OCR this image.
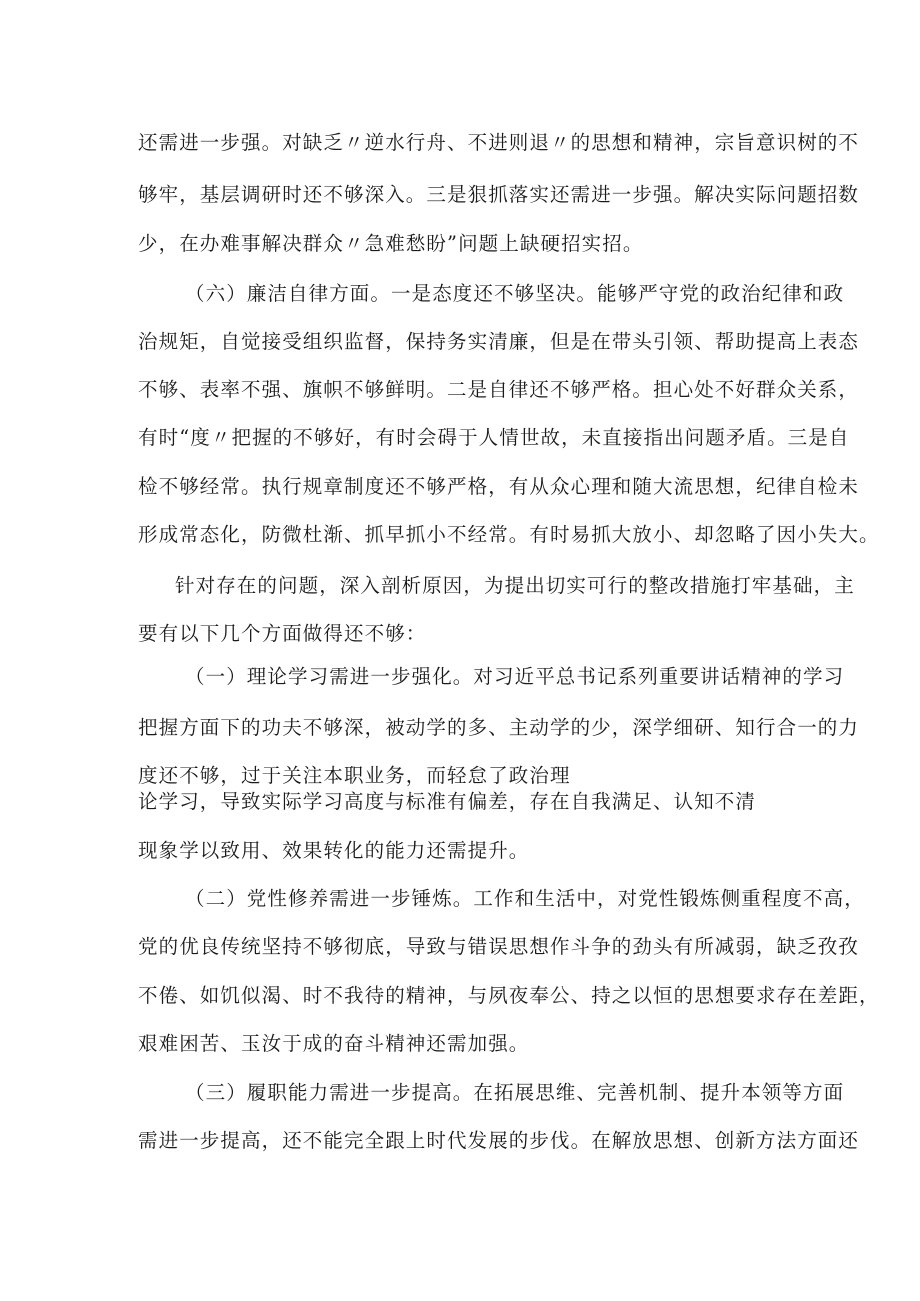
还需进一步强。对缺乏〃逆水行舟、不进则退〃的思想和精神，宗旨意识树的不
够牢，基层调研时还不够深入。三是狠抓落实还需进一步强。解决实际问题招数
少，在办难事解决群众〃急难愁盼”问题上缺硬招实招。
（六）廉洁自律方面。一是态度还不够坚决。能够严守党的政治纪律和政
治规矩，自觉接受组织监督，保持务实清廉，但是在带头引领、帮助提高上表态
不够、表率不强、旗帜不够鲜明。二是自律还不够严格。担心处不好群众关系，
有时“度〃把握的不够好，有时会碍于人情世故，未直接指出问题矛盾。三是自
检不够经常。执行规章制度还不够严格，有从众心理和随大流思想，纪律自检未
形成常态化，防微杜渐、抓早抓小不经常。有时易抓大放小、却忽略了因小失大。
针对存在的问题，深入剖析原因，为提出切实可行的整改措施打牢基础，主
要有以下几个方面做得还不够：
（一）理论学习需进一步强化。对习近平总书记系列重要讲话精神的学习
把握方面下的功夫不够深，被动学的多、主动学的少，深学细研、知行合一的力
度还不够，过于关注本职业务，而轻怠了政治理
论学习，导致实际学习高度与标准有偏差，存在自我满足、认知不清
现象学以致用、效果转化的能力还需提升。
（二）党性修养需进一步锤炼。工作和生活中，对党性锻炼侧重程度不高，
党的优良传统坚持不够彻底，导致与错误思想作斗争的劲头有所减弱，缺乏孜孜
不倦、如饥似渴、时不我待的精神，与夙夜奉公、持之以恒的思想要求存在差距，
艰难困苦、玉汝于成的奋斗精神还需加强。
（三）履职能力需进一步提高。在拓展思维、完善机制、提升本领等方面
需进一步提高，还不能完全跟上时代发展的步伐。在解放思想、创新方法方面还
